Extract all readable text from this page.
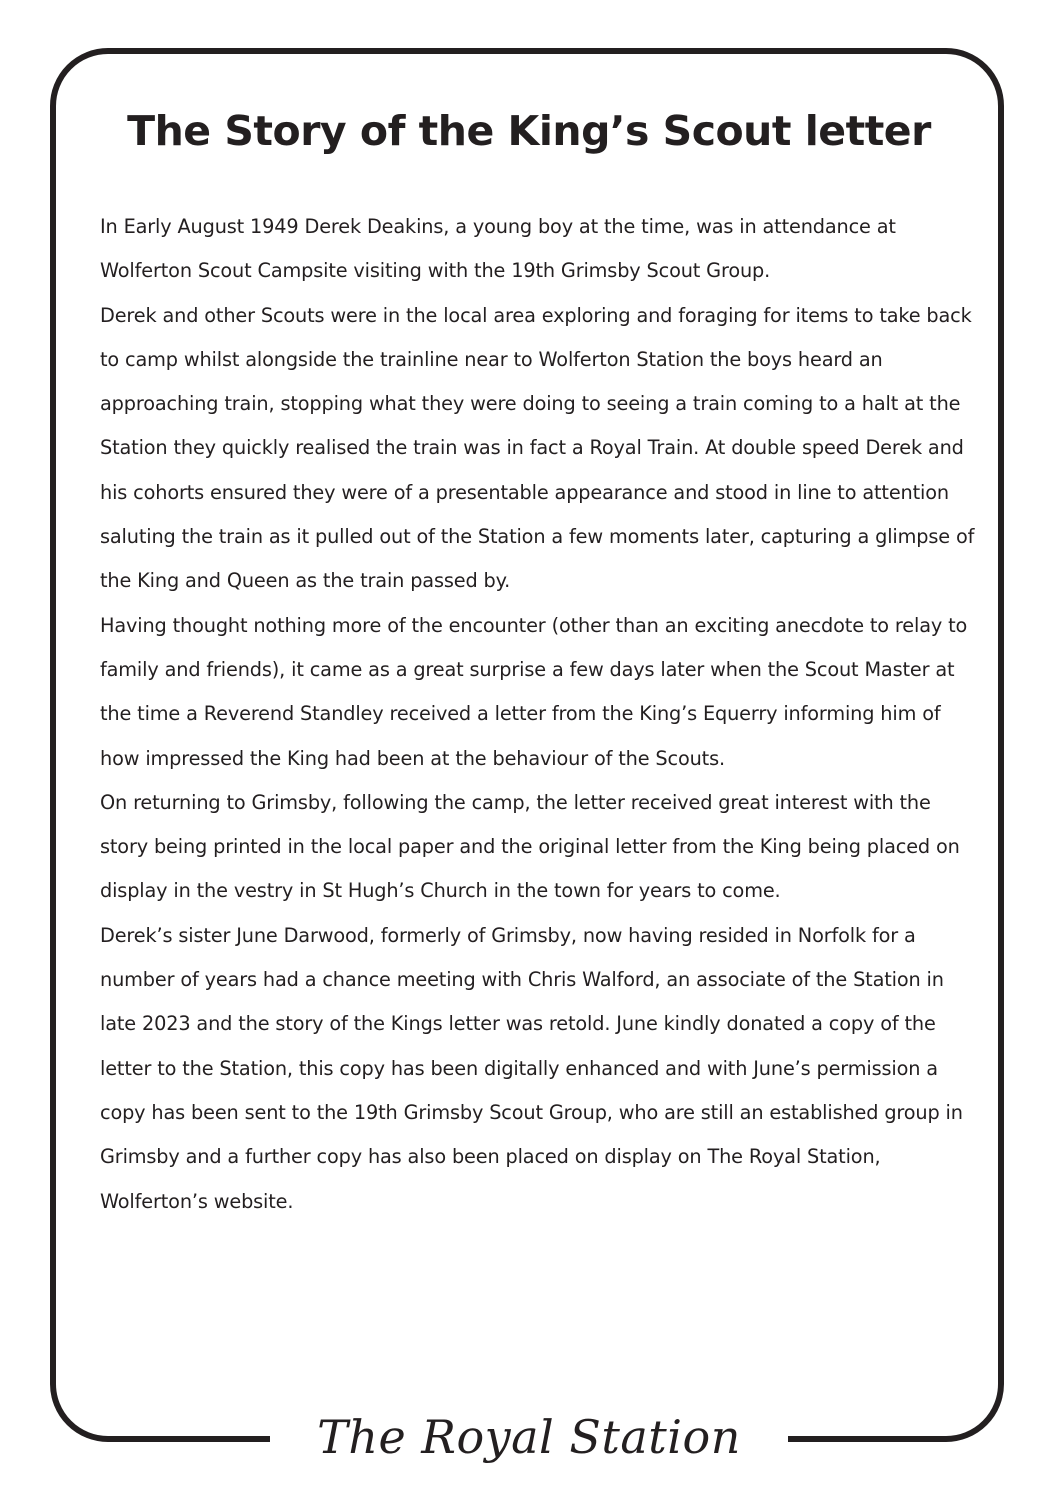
The Story of the King’s Scout letter

In Early August 1949 Derek Deakins, a young boy at the time, was in attendance at Wolferton Scout Campsite visiting with the 19th Grimsby Scout Group.

Derek and other Scouts were in the local area exploring and foraging for items to take back to camp whilst alongside the trainline near to Wolferton Station the boys heard an approaching train, stopping what they were doing to seeing a train coming to a halt at the Station they quickly realised the train was in fact a Royal Train. At double speed Derek and his cohorts ensured they were of a presentable appearance and stood in line to attention saluting the train as it pulled out of the Station a few moments later, capturing a glimpse of the King and Queen as the train passed by.

Having thought nothing more of the encounter (other than an exciting anecdote to relay to family and friends), it came as a great surprise a few days later when the Scout Master at the time a Reverend Standley received a letter from the King’s Equerry informing him of how impressed the King had been at the behaviour of the Scouts.

On returning to Grimsby, following the camp, the letter received great interest with the story being printed in the local paper and the original letter from the King being placed on display in the vestry in St Hugh’s Church in the town for years to come.

Derek’s sister June Darwood, formerly of Grimsby, now having resided in Norfolk for a number of years had a chance meeting with Chris Walford, an associate of the Station in late 2023 and the story of the Kings letter was retold. June kindly donated a copy of the letter to the Station, this copy has been digitally enhanced and with June’s permission a copy has been sent to the 19th Grimsby Scout Group, who are still an established group in Grimsby and a further copy has also been placed on display on The Royal Station, Wolferton’s website.

The Royal Station
